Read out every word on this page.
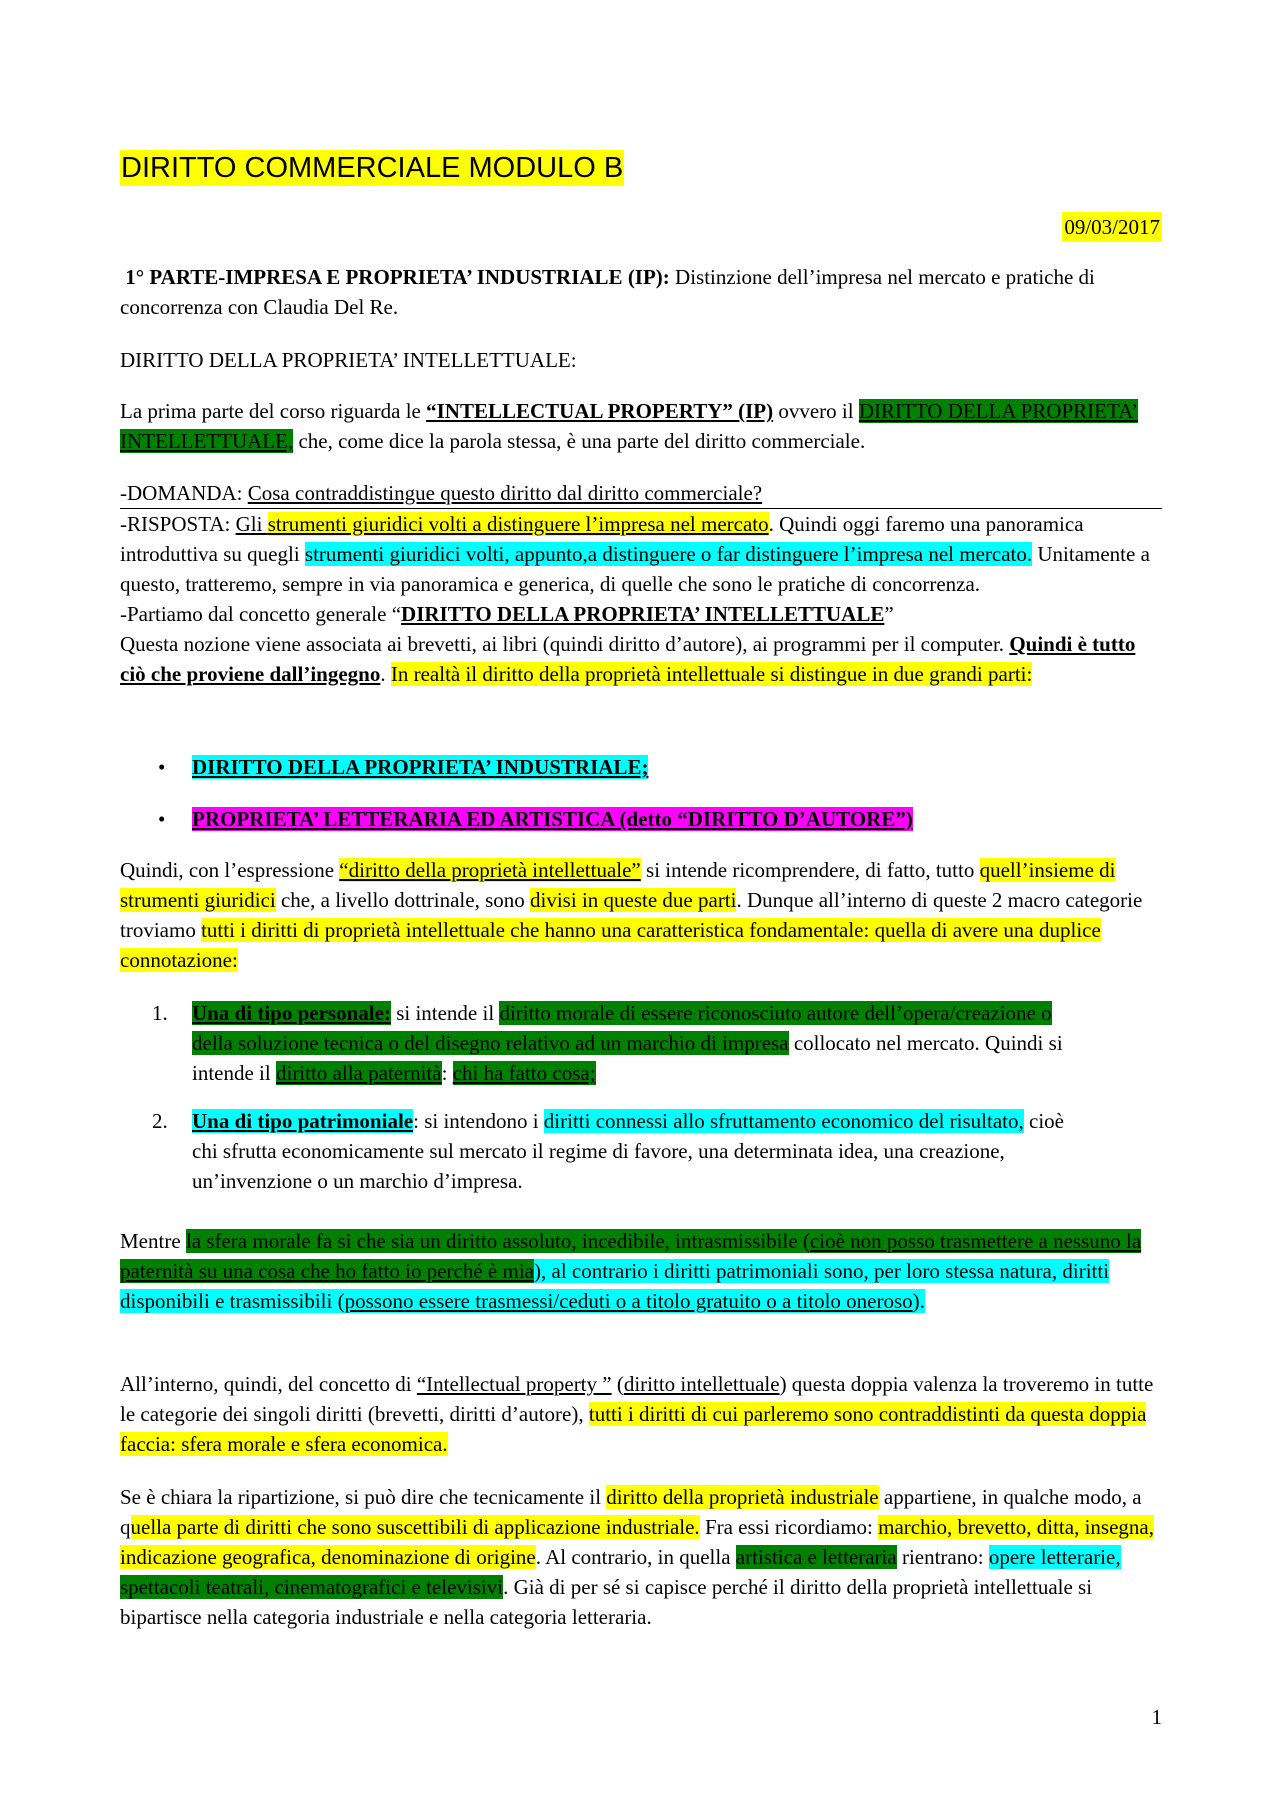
DIRITTO COMMERCIALE MODULO B
09/03/2017
1° PARTE-IMPRESA E PROPRIETA’ INDUSTRIALE (IP): Distinzione dell’impresa nel mercato e pratiche di concorrenza con Claudia Del Re.
DIRITTO DELLA PROPRIETA’ INTELLETTUALE:
La prima parte del corso riguarda le “INTELLECTUAL PROPERTY” (IP) ovvero il DIRITTO DELLA PROPRIETA’ INTELLETTUALE, che, come dice la parola stessa, è una parte del diritto commerciale.
-DOMANDA: Cosa contraddistingue questo diritto dal diritto commerciale?
-RISPOSTA: Gli strumenti giuridici volti a distinguere l’impresa nel mercato. Quindi oggi faremo una panoramica introduttiva su quegli strumenti giuridici volti, appunto,a distinguere o far distinguere l’impresa nel mercato. Unitamente a questo, tratteremo, sempre in via panoramica e generica, di quelle che sono le pratiche di concorrenza.
-Partiamo dal concetto generale “DIRITTO DELLA PROPRIETA’ INTELLETTUALE”
Questa nozione viene associata ai brevetti, ai libri (quindi diritto d’autore), ai programmi per il computer. Quindi è tutto ciò che proviene dall’ingegno. In realtà il diritto della proprietà intellettuale si distingue in due grandi parti:
• DIRITTO DELLA PROPRIETA’ INDUSTRIALE;
• PROPRIETA’ LETTERARIA ED ARTISTICA (detto “DIRITTO D’AUTORE”)
Quindi, con l’espressione “diritto della proprietà intellettuale” si intende ricomprendere, di fatto, tutto quell’insieme di strumenti giuridici che, a livello dottrinale, sono divisi in queste due parti. Dunque all’interno di queste 2 macro categorie troviamo tutti i diritti di proprietà intellettuale che hanno una caratteristica fondamentale: quella di avere una duplice connotazione:
1. Una di tipo personale: si intende il diritto morale di essere riconosciuto autore dell’opera/creazione o della soluzione tecnica o del disegno relativo ad un marchio di impresa collocato nel mercato. Quindi si intende il diritto alla paternità: chi ha fatto cosa;
2. Una di tipo patrimoniale: si intendono i diritti connessi allo sfruttamento economico del risultato, cioè chi sfrutta economicamente sul mercato il regime di favore, una determinata idea, una creazione, un’invenzione o un marchio d’impresa.
Mentre la sfera morale fa si che sia un diritto assoluto, incedibile, intrasmissibile (cioè non posso trasmettere a nessuno la paternità su una cosa che ho fatto io perché è mia), al contrario i diritti patrimoniali sono, per loro stessa natura, diritti disponibili e trasmissibili (possono essere trasmessi/ceduti o a titolo gratuito o a titolo oneroso).
All’interno, quindi, del concetto di “Intellectual property ” (diritto intellettuale) questa doppia valenza la troveremo in tutte le categorie dei singoli diritti (brevetti, diritti d’autore), tutti i diritti di cui parleremo sono contraddistinti da questa doppia faccia: sfera morale e sfera economica.
Se è chiara la ripartizione, si può dire che tecnicamente il diritto della proprietà industriale appartiene, in qualche modo, a quella parte di diritti che sono suscettibili di applicazione industriale. Fra essi ricordiamo: marchio, brevetto, ditta, insegna, indicazione geografica, denominazione di origine. Al contrario, in quella artistica e letteraria rientrano: opere letterarie, spettacoli teatrali, cinematografici e televisivi. Già di per sé si capisce perché il diritto della proprietà intellettuale si bipartisce nella categoria industriale e nella categoria letteraria.
1
